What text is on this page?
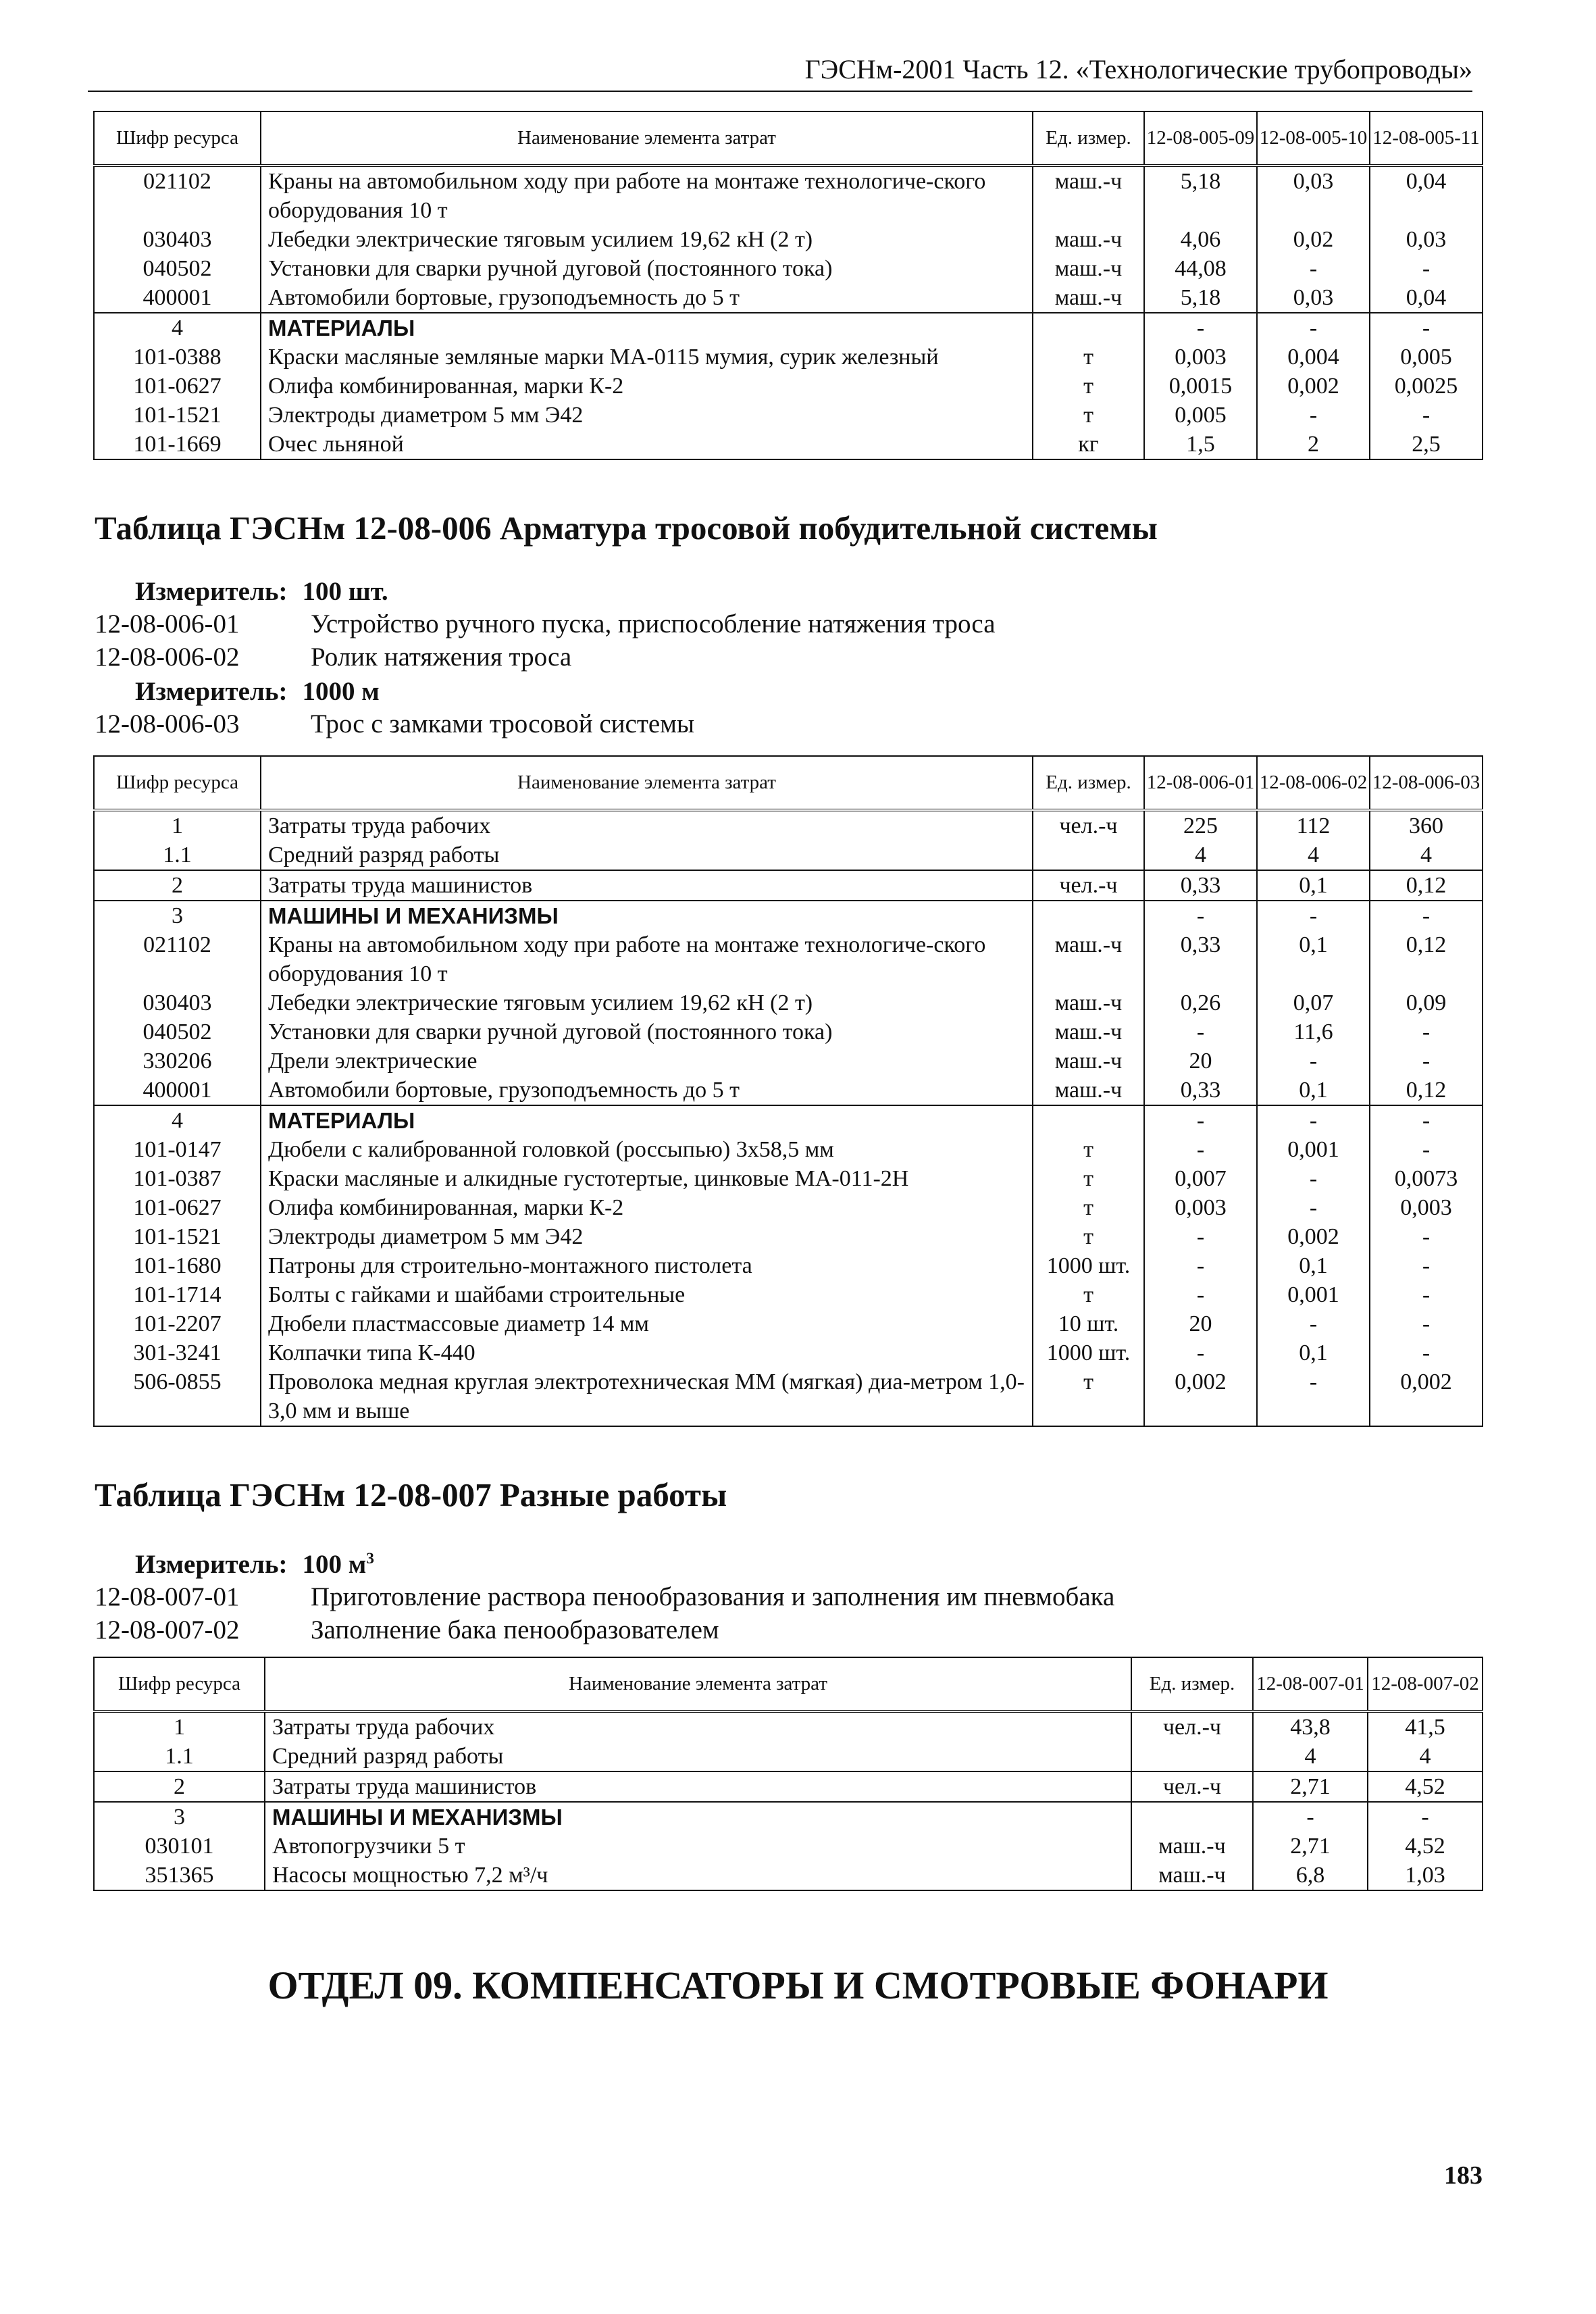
ГЭСНм-2001 Часть 12. «Технологические трубопроводы»
Шифр ресурса	Наименование элемента затрат	Ед. измер.	12-08-005-09	12-08-005-10	12-08-005-11
021102	Краны на автомобильном ходу при работе на монтаже технологиче-ского оборудования 10 т	маш.-ч	5,18	0,03	0,04
030403	Лебедки электрические тяговым усилием 19,62 кН (2 т)	маш.-ч	4,06	0,02	0,03
040502	Установки для сварки ручной дуговой (постоянного тока)	маш.-ч	44,08	-	-
400001	Автомобили бортовые, грузоподъемность до 5 т	маш.-ч	5,18	0,03	0,04
4	МАТЕРИАЛЫ		-	-	-
101-0388	Краски масляные земляные марки МА-0115 мумия, сурик железный	т	0,003	0,004	0,005
101-0627	Олифа комбинированная, марки К-2	т	0,0015	0,002	0,0025
101-1521	Электроды диаметром 5 мм Э42	т	0,005	-	-
101-1669	Очес льняной	кг	1,5	2	2,5
Таблица ГЭСНм 12-08-006 Арматура тросовой побудительной системы
Измеритель: 100 шт.
12-08-006-01	Устройство ручного пуска, приспособление натяжения троса
12-08-006-02	Ролик натяжения троса
Измеритель: 1000 м
12-08-006-03	Трос с замками тросовой системы
Шифр ресурса	Наименование элемента затрат	Ед. измер.	12-08-006-01	12-08-006-02	12-08-006-03
1	Затраты труда рабочих	чел.-ч	225	112	360
1.1	Средний разряд работы		4	4	4
2	Затраты труда машинистов	чел.-ч	0,33	0,1	0,12
3	МАШИНЫ И МЕХАНИЗМЫ		-	-	-
021102	Краны на автомобильном ходу при работе на монтаже технологиче-ского оборудования 10 т	маш.-ч	0,33	0,1	0,12
030403	Лебедки электрические тяговым усилием 19,62 кН (2 т)	маш.-ч	0,26	0,07	0,09
040502	Установки для сварки ручной дуговой (постоянного тока)	маш.-ч	-	11,6	-
330206	Дрели электрические	маш.-ч	20	-	-
400001	Автомобили бортовые, грузоподъемность до 5 т	маш.-ч	0,33	0,1	0,12
4	МАТЕРИАЛЫ		-	-	-
101-0147	Дюбели с калиброванной головкой (россыпью) 3х58,5 мм	т	-	0,001	-
101-0387	Краски масляные и алкидные густотертые, цинковые МА-011-2Н	т	0,007	-	0,0073
101-0627	Олифа комбинированная, марки К-2	т	0,003	-	0,003
101-1521	Электроды диаметром 5 мм Э42	т	-	0,002	-
101-1680	Патроны для строительно-монтажного пистолета	1000 шт.	-	0,1	-
101-1714	Болты с гайками и шайбами строительные	т	-	0,001	-
101-2207	Дюбели пластмассовые диаметр 14 мм	10 шт.	20	-	-
301-3241	Колпачки типа К-440	1000 шт.	-	0,1	-
506-0855	Проволока медная круглая электротехническая ММ (мягкая) диа-метром 1,0-3,0 мм и выше	т	0,002	-	0,002
Таблица ГЭСНм 12-08-007 Разные работы
Измеритель: 100 $м^3$
12-08-007-01	Приготовление раствора пенообразования и заполнения им пневмобака
12-08-007-02	Заполнение бака пенообразователем
Шифр ресурса	Наименование элемента затрат	Ед. измер.	12-08-007-01	12-08-007-02
1	Затраты труда рабочих	чел.-ч	43,8	41,5
1.1	Средний разряд работы		4	4
2	Затраты труда машинистов	чел.-ч	2,71	4,52
3	МАШИНЫ И МЕХАНИЗМЫ		-	-
030101	Автопогрузчики 5 т	маш.-ч	2,71	4,52
351365	Насосы мощностью 7,2 м³/ч	маш.-ч	6,8	1,03
ОТДЕЛ 09. КОМПЕНСАТОРЫ И СМОТРОВЫЕ ФОНАРИ
183
